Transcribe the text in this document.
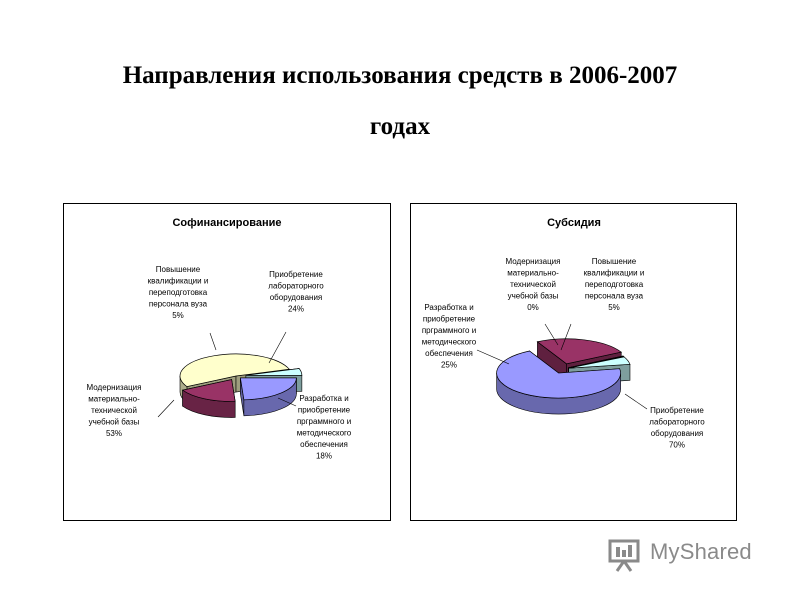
Направления использования средств в 2006-2007
годах
Софинансирование
Приобретение лабораторного оборудования 24%
Разработка и приобретение прграммного и методического обеспечения 18%
Модернизация материально-технической учебной базы 53%
Повышение квалификации и переподготовка персонала вуза 5%
Субсидия
Приобретение лабораторного оборудования 70%
Разработка и приобретение прграммного и методического обеспечения 25%
Модернизация материально-технической учебной базы 0%
Повышение квалификации и переподготовка персонала вуза 5%
MyShared
